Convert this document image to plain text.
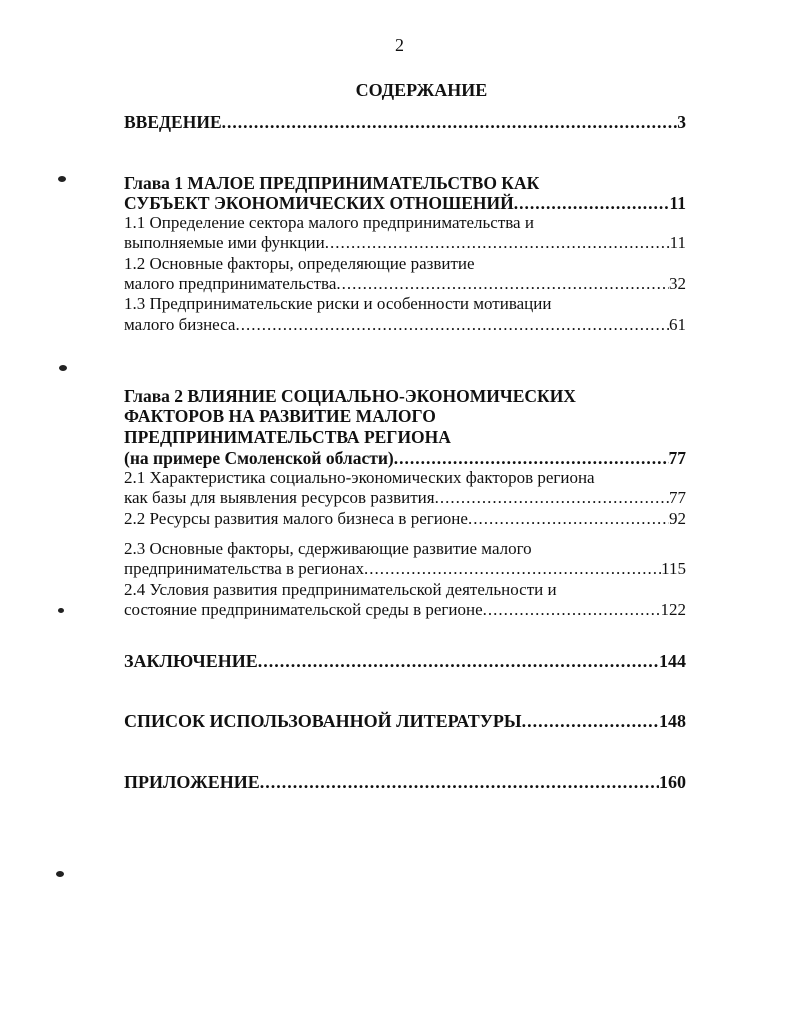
2
СОДЕРЖАНИЕ
ВВЕДЕНИЕ .....	3
Глава 1 МАЛОЕ ПРЕДПРИНИМАТЕЛЬСТВО КАК
СУБЪЕКТ ЭКОНОМИЧЕСКИХ ОТНОШЕНИЙ .....	11
1.1 Определение сектора малого предпринимательства и
выполняемые ими функции .....	11
1.2 Основные факторы, определяющие развитие
малого предпринимательства .....	32
1.3 Предпринимательские риски и особенности мотивации
малого бизнеса .....	61
Глава 2 ВЛИЯНИЕ СОЦИАЛЬНО-ЭКОНОМИЧЕСКИХ
ФАКТОРОВ НА РАЗВИТИЕ МАЛОГО
ПРЕДПРИНИМАТЕЛЬСТВА РЕГИОНА
(на примере Смоленской области) .....	77
2.1 Характеристика социально-экономических факторов региона
как базы для выявления ресурсов развития .....	77
2.2 Ресурсы развития малого бизнеса в регионе .....	92
2.3 Основные факторы, сдерживающие развитие малого
предпринимательства в регионах .....	115
2.4 Условия развития предпринимательской деятельности и
состояние предпринимательской среды в регионе .....	122
ЗАКЛЮЧЕНИЕ .....	144
СПИСОК ИСПОЛЬЗОВАННОЙ ЛИТЕРАТУРЫ .....	148
ПРИЛОЖЕНИЕ .....	160
